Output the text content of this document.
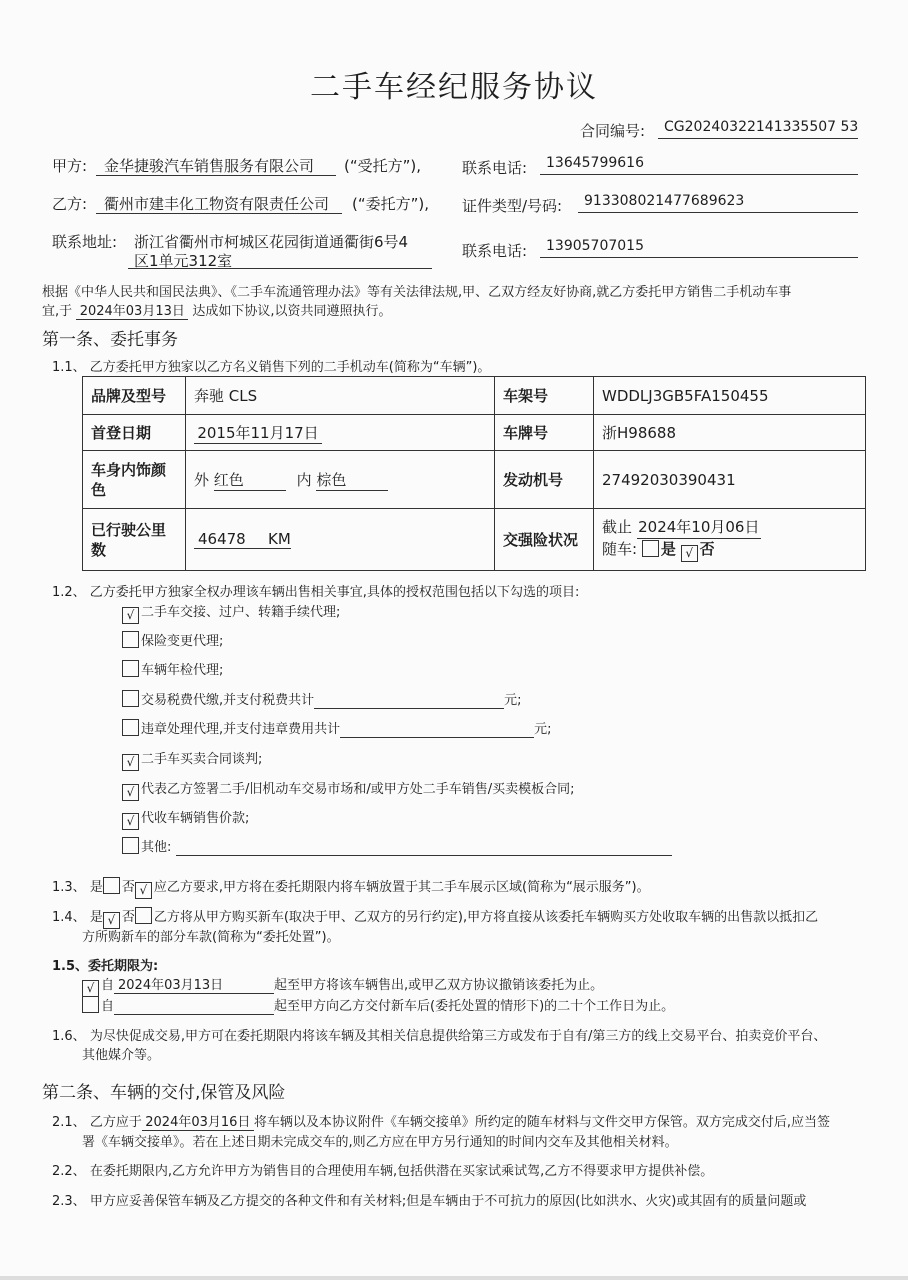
二手车经纪服务协议
合同编号: CG20240322141335507 53
甲方: 金华捷骏汽车销售服务有限公司 (“受托方”),	联系电话: 13645799616
乙方: 衢州市建丰化工物资有限责任公司 (“委托方”), 证件类型/号码: 913308021477689623
联系地址: 浙江省衢州市柯城区花园街道通衢街6号4
区1单元312室
联系电话: 13905707015
根据《中华人民共和国民法典》、《二手车流通管理办法》等有关法律法规,甲、乙双方经友好协商,就乙方委托甲方销售二手机动车事
宜,于 2024年03月13日 达成如下协议,以资共同遵照执行。
第一条、委托事务
1.1、 乙方委托甲方独家以乙方名义销售下列的二手机动车(简称为“车辆”)。
品牌及型号	奔驰 CLS	车架号	WDDLJ3GB5FA150455
首登日期	2015年11月17日	车牌号	浙H98688
车身内饰颜色	外 红色 内 棕色	发动机号	27492030390431
已行驶公里数	46478 KM	交强险状况	截止 2024年10月06日
随车: 是 √ 否
1.2、 乙方委托甲方独家全权办理该车辆出售相关事宜,具体的授权范围包括以下勾选的项目:
√ 二手车交接、过户、转籍手续代理;
保险变更代理;
车辆年检代理;
交易税费代缴,并支付税费共计	元;
违章处理代理,并支付违章费用共计	元;
√ 二手车买卖合同谈判;
√ 代表乙方签署二手/旧机动车交易市场和/或甲方处二手车销售/买卖模板合同;
√ 代收车辆销售价款;
其他:
1.3、 是 否 √ 应乙方要求,甲方将在委托期限内将车辆放置于其二手车展示区域(简称为“展示服务”)。
1.4、 是 √ 否 乙方将从甲方购买新车(取决于甲、乙双方的另行约定),甲方将直接从该委托车辆购买方处收取车辆的出售款以抵扣乙
方所购新车的部分车款(简称为“委托处置”)。
1.5、委托期限为:
√ 自 2024年03月13日	起至甲方将该车辆售出,或甲乙双方协议撤销该委托为止。
自	起至甲方向乙方交付新车后(委托处置的情形下)的二十个工作日为止。
1.6、 为尽快促成交易,甲方可在委托期限内将该车辆及其相关信息提供给第三方或发布于自有/第三方的线上交易平台、拍卖竞价平台、
其他媒介等。
第二条、车辆的交付,保管及风险
2.1、 乙方应于 2024年03月16日 将车辆以及本协议附件《车辆交接单》所约定的随车材料与文件交甲方保管。双方完成交付后,应当签
署《车辆交接单》。若在上述日期未完成交车的,则乙方应在甲方另行通知的时间内交车及其他相关材料。
2.2、 在委托期限内,乙方允许甲方为销售目的合理使用车辆,包括供潜在买家试乘试驾,乙方不得要求甲方提供补偿。
2.3、 甲方应妥善保管车辆及乙方提交的各种文件和有关材料;但是车辆由于不可抗力的原因(比如洪水、火灾)或其固有的质量问题或
